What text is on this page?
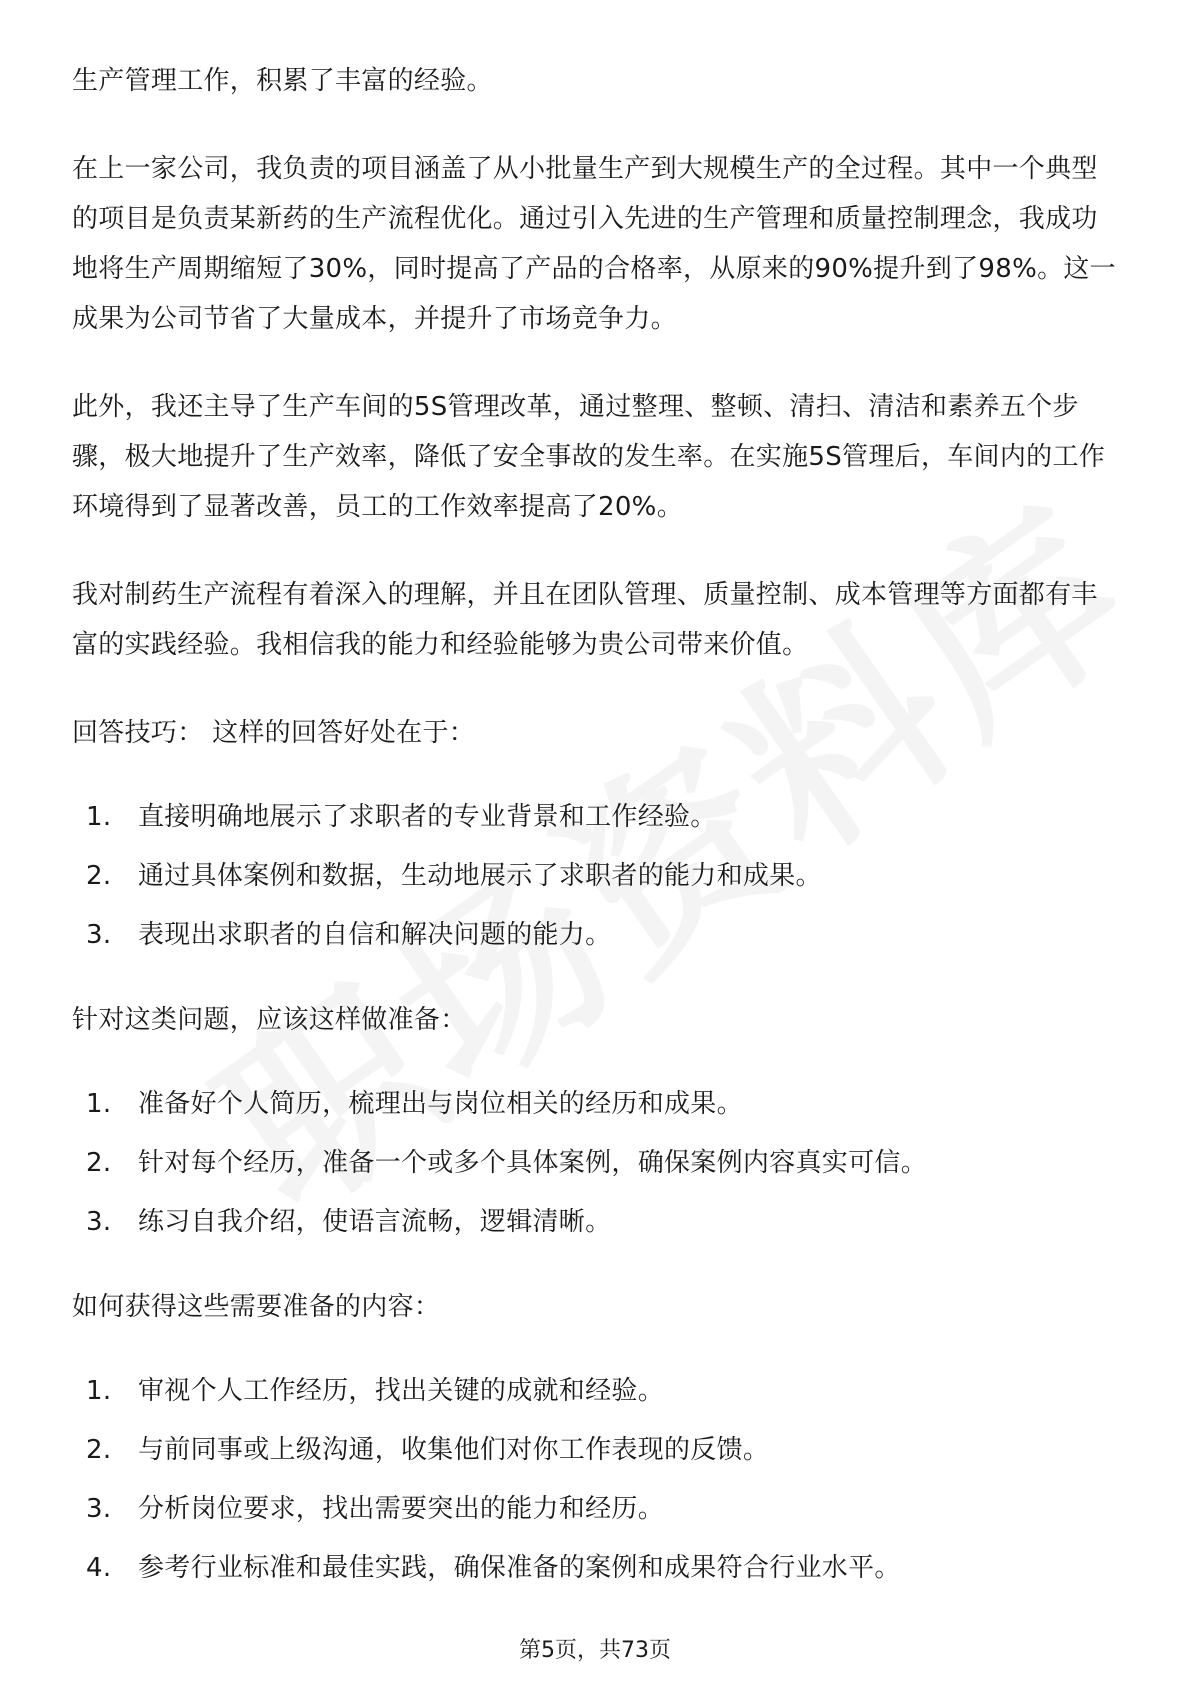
生产管理工作，积累了丰富的经验。

在上一家公司，我负责的项目涵盖了从小批量生产到大规模生产的全过程。其中一个典型的项目是负责某新药的生产流程优化。通过引入先进的生产管理和质量控制理念，我成功地将生产周期缩短了30%，同时提高了产品的合格率，从原来的90%提升到了98%。这一成果为公司节省了大量成本，并提升了市场竞争力。

此外，我还主导了生产车间的5S管理改革，通过整理、整顿、清扫、清洁和素养五个步骤，极大地提升了生产效率，降低了安全事故的发生率。在实施5S管理后，车间内的工作环境得到了显著改善，员工的工作效率提高了20%。

我对制药生产流程有着深入的理解，并且在团队管理、质量控制、成本管理等方面都有丰富的实践经验。我相信我的能力和经验能够为贵公司带来价值。

回答技巧： 这样的回答好处在于：

1.	直接明确地展示了求职者的专业背景和工作经验。
2.	通过具体案例和数据，生动地展示了求职者的能力和成果。
3.	表现出求职者的自信和解决问题的能力。

针对这类问题，应该这样做准备：

1.	准备好个人简历，梳理出与岗位相关的经历和成果。
2.	针对每个经历，准备一个或多个具体案例，确保案例内容真实可信。
3.	练习自我介绍，使语言流畅，逻辑清晰。

如何获得这些需要准备的内容：

1.	审视个人工作经历，找出关键的成就和经验。
2.	与前同事或上级沟通，收集他们对你工作表现的反馈。
3.	分析岗位要求，找出需要突出的能力和经历。
4.	参考行业标准和最佳实践，确保准备的案例和成果符合行业水平。
第5页，共73页
